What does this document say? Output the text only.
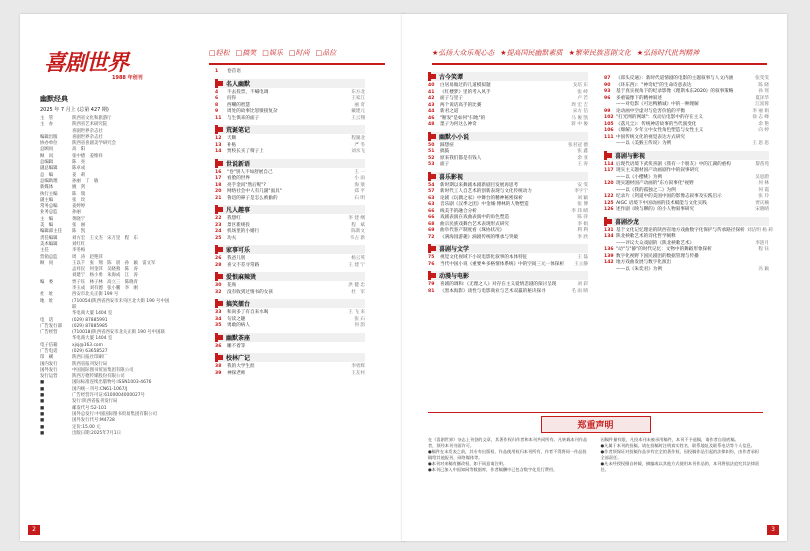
喜剧世界
1988 年创刊
□轻松 □搞笑 □娱乐 □时尚 □品位
幽默经典
2025 年 7 月上 (总第 427 期)
主　管	陕西省文化和旅游厅
主　办	陕西省艺术研究院
喜剧世界杂志社
编辑出版	喜剧世界杂志社
协办单位	陕西省喜剧美学研究会
总顾问	高　阳
顾　问	张中德　姜维祥
总编辑	陈　亮
副总编辑	陈卓成
总　编	姜　莉
总编助理	孙丽　丁　敏
新媒体	姚　剑
执行主编	陈　瑞
副主编	张　玫
常务总编	姜婷婷
业务总监	孙丽
主　编	黄晓宁
美　编	张　丽
编辑部主任	陈　凯
责任编辑	刘方宏　王文杰　宋万里　程　东
美术编辑	刘红红
主任	李冬梅
营销总监	周　涛　赵艳萍
顾　问	王以千　张　翔　陈　晨　孙　颖　雷文军
孟祥民　何金萍　吴晓燕　陈　涛
刘建宁　杨小勇　朱海成　江　涛
编　委	贾子钰　林子林　高立三　陈晓青
李玉成　刘有德　张小鹏　李　刚
社　址	西安市北关正街 199 号
地　址	(710054)陕西省西安市未央区北大街 190 号中国联
华电商大厦 1404 室
电　话	(029) 87885991
广告发行部	(029) 87885985
广告经营	(710018)陕西省西安市北关正街 190 号中国联
华电商大厦 1404 室
电子信箱	xjsj@163.com
广告电话	(029) 63658527
印　刷	陕西日报社印刷厂
国内发行	陕西省报刊发行局
国外发行	中国国际图书贸易集团有限公司
发行运营	陕西万德传媒股份有限公司
■	国际标准连续出版物号:ISSN1003-4676
■	国内统一刊号:CN61-1067/J
■	广告经营许可证:6100004000027号
■	发行:陕西省报刊发行局
■	邮发代号:52-101
■	国外总发行:中国国际图书贸易集团有限公司
■	国外发行代号:M4728
■	定价:15.00 元
■	出版日期:2025年7月1日
1	卷首语
名人幽默
4	不去投票，不喊电调	东方北
6	问你	王家江
8	西嘲的智慧	丽 奇
9	周处的故事比怒愤接复杂	戴建元
11	与生俱来的面子	王云翔
荒诞笔记
12	天顺	程湖北
13	补贴	严 冬
14	贾校长买了椅子上	刘水飞
世说新语
16	"卷"别人不如舒展自己	王 一
17	看脸的世界	小 雨
18	亮手金问"然后呢"?	海 梁
20	网络社会中人有几副"面具"	郑 平
21	鲁迅的鼻子是怎么被偷的	石 明
凡人趣事
22	我想红	李 建 纲
23	景区新规役	程　斌
24	机场里的小婚行	陈新文
25	功夫	韦占 新
家事可乐
26	我爸儿别	杨云英
28	喜父不差寻常路	王 建 宁
爱恨麻辣烫
30	花殇	洪 健 忠
32	没有收到过情书的女孩	杜　军
搞笑擂台
33	和尚多了有自来水喝	王 飞 来
34	句读之趣	张 石
35	勇敢的病人	何 韵
幽默茶座
36	睡不着等
校林广记
38	我的大学生涯	李勇辉
39	神探老师	王友村
2
★弘扬大众乐观心态 ★提高国民幽默素质 ★繁荣民族喜剧文化 ★弘扬时代批判精神
古今笑谭
40	白居易做过的几道模拟题	戈培 东
41	《红楼梦》里的考入风手	张 峙
42	面子与里子	卢 若
43	两个说话高手的比赛	周 宏 吉
44	新君之道	宋方 信
46	"断发"是如何"扫地"的	马 俊 凯
48	墨子为何这么神奇	蒋 中 俊
幽默小小说
50	踩想症	张君冠 德
51	搞鼓	张 鑫
52	原来我们都是有钱人	余 亚
53	面子	王 涛
喜乐影视
54	新时期以来舞剧本剧新剧目发展再思考	安 雯
57	新时代工人自艺术的创新表现与文化传统动力	李宇宁
63	论剧《玩偶之家》中舞台的精神秘密探析	刘 颖
63	音乐剧《汉季之团》中金城·博林的人物塑造	张 博
66	线美手的融合分析	李 玮 晴
66	戏剧表演在戏曲表演中的角色塑造	陈 萍
68	曲宗民族戏舞台艺术表现形式研究	李 娟
69	曲阜代客产制度看《珠协状况》	利 利
72	《满海园游趣》滴剧传统的继承与突破	李 欣
喜剧与文学
75	视觉文化视域下小说电影化叙事的本体特征	王 磊
76	当代中国小说《重要乡多格情体系统》中的空间三元一体探析	王立静
动漫与电影
79	喜剧的调和:《无理之人》对存在主义爱情悲剧的探讨呈现	刘 彩
81	《黑本海影》谈性与电影商业与艺术双赢的秘诀探寻	毛 雨 晴
87	《郑头反通》：新时代道情剧的电影的主题叙事与人文内涵	张雯雯
90	《环东西》："神奇纪"的生命诗意表达	陈 晓
93	基于真实视角下的纪录影像《理斯本东2020》的叙事策略	孙 瑶
96	多重镜像下的精神叙述	夏泽华
——对电影《可达鸭精诚》中的一种理解	江富蓉
99	论动画中空虚对与危害价值的平衡	李 丽 娟
102 "打光网的网球"：戊动后电影中的存在主义	徐 志 峰
105 《落凡尘》：传统神话故事的当代演变化	余 艳
106 《爆解》少年立中女性角色塑造与女性主义	向 婷
111 中国传统文化的视觉表达方式研究
——以《美猴王传说》为例	王 思 思
喜剧与影视
114 后现代语境下武侠喜剧《我有一个朋友》中的江湖的重构	黎茜苑
117 现实主义题材国产动画剧作中的叙事研究
——以《小樱桃》为例	吴思蔚
120 现实题材国产动画的"东方叙事化"视野	何 林
——以《我的孤独之二》为例	何 霞
122 纪录片《剑道中的美国中国的影像志叙事及实践启示	张 玲
125 AIGC 语境下中国动画的技术赋能与文化实践	贾庆楠
126 述作剧《映与聊的》的小人物叙事研究	宋晓晴
喜剧沙龙
131 基于文化记忆理论的陕西省地方戏曲数字化保护与传承路径探析 刘洁明 杨 莉
134 陕北秧歌艺术的诗化哲学阐释
——评议大众戏剧的《陕北秧歌艺术》	李涟月
136 "动"与"静"的时代记忆：文物中的舞蹈形象探析	程 钰
139 数字化视野下国民剧团的数据管理与传播
142 地方戏曲发展与数字化演出
——以《朱奕君》为例	冯 颖
郑重声明

在《喜剧世界》杂志上刊登的文章，其著作权归作者和本刊共同所有。凡转载本刊作品者，须经本刊书面许可。

●稿件在未发表之前，其专有出版权、作品使用权归本刊所有，作者不得将同一作品投稿给其他报刊、网络媒体等。

●本刊对来稿有删改权，如不同意请注明。

●本刊已加入中国知网等数据库，作者稿酬中已包含数字化发行费用。

因稿件量有限，凡投本刊未被录用稿件，本刊不予退稿，请作者自留底稿。

●凡属于本刊的投稿，请在投稿时注明真实姓名、联系地址及联系电话等个人信息。

●作者须保证对投稿作品享有完全的著作权，因投稿作品引起的法律纠纷，由作者承担全部责任。

●凡未经授权擅自转载、摘编或以其他方式使用本刊作品的，本刊将依法追究其法律责任。

3
